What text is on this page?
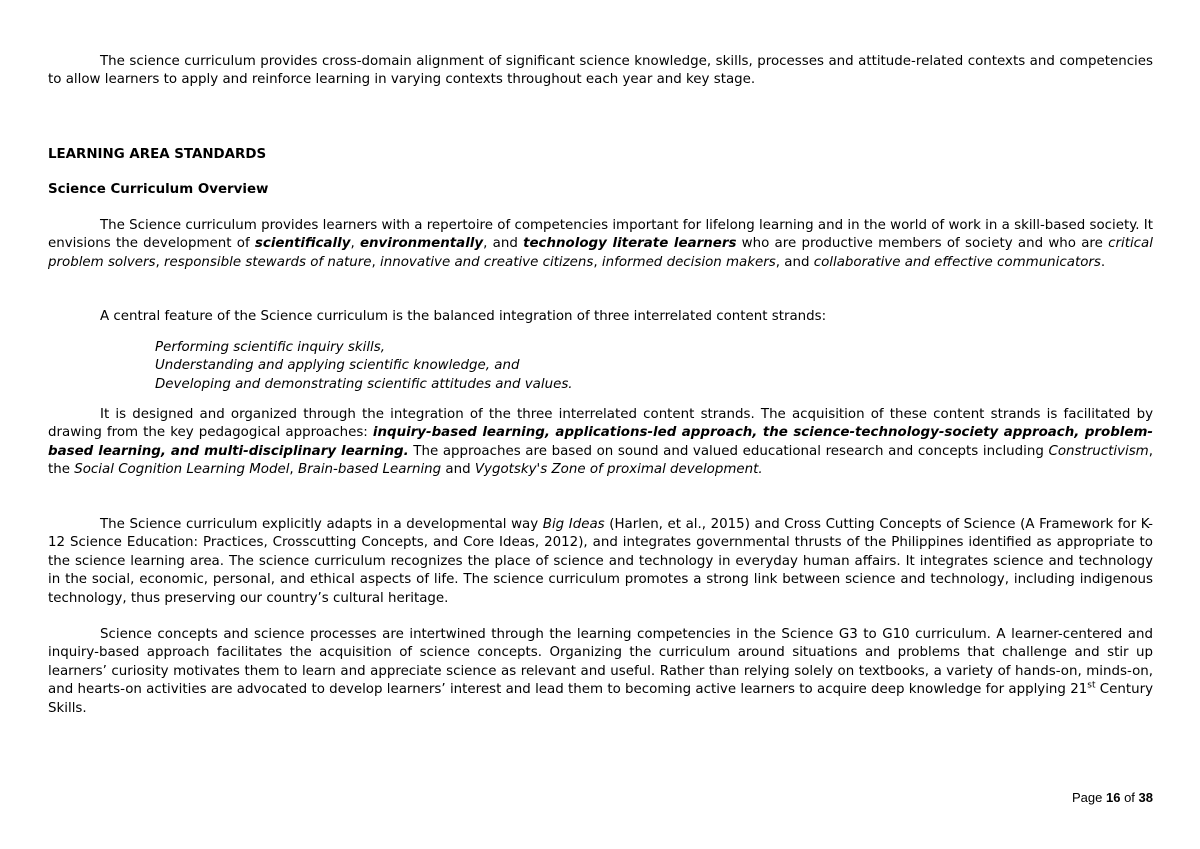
The science curriculum provides cross-domain alignment of significant science knowledge, skills, processes and attitude-related contexts and competencies to allow learners to apply and reinforce learning in varying contexts throughout each year and key stage.

LEARNING AREA STANDARDS
Science Curriculum Overview

The Science curriculum provides learners with a repertoire of competencies important for lifelong learning and in the world of work in a skill-based society. It envisions the development of scientifically, environmentally, and technology literate learners who are productive members of society and who are critical problem solvers, responsible stewards of nature, innovative and creative citizens, informed decision makers, and collaborative and effective communicators.

A central feature of the Science curriculum is the balanced integration of three interrelated content strands:

Performing scientific inquiry skills,
Understanding and applying scientific knowledge, and
Developing and demonstrating scientific attitudes and values.

It is designed and organized through the integration of the three interrelated content strands. The acquisition of these content strands is facilitated by drawing from the key pedagogical approaches: inquiry-based learning, applications-led approach, the science-technology-society approach, problem-based learning, and multi-disciplinary learning. The approaches are based on sound and valued educational research and concepts including Constructivism, the Social Cognition Learning Model, Brain-based Learning and Vygotsky's Zone of proximal development.

The Science curriculum explicitly adapts in a developmental way Big Ideas (Harlen, et al., 2015) and Cross Cutting Concepts of Science (A Framework for K-12 Science Education: Practices, Crosscutting Concepts, and Core Ideas, 2012), and integrates governmental thrusts of the Philippines identified as appropriate to the science learning area. The science curriculum recognizes the place of science and technology in everyday human affairs. It integrates science and technology in the social, economic, personal, and ethical aspects of life. The science curriculum promotes a strong link between science and technology, including indigenous technology, thus preserving our country’s cultural heritage.

Science concepts and science processes are intertwined through the learning competencies in the Science G3 to G10 curriculum. A learner-centered and inquiry-based approach facilitates the acquisition of science concepts. Organizing the curriculum around situations and problems that challenge and stir up learners’ curiosity motivates them to learn and appreciate science as relevant and useful. Rather than relying solely on textbooks, a variety of hands-on, minds-on, and hearts-on activities are advocated to develop learners’ interest and lead them to becoming active learners to acquire deep knowledge for applying 21st Century Skills.

Page 16 of 38
